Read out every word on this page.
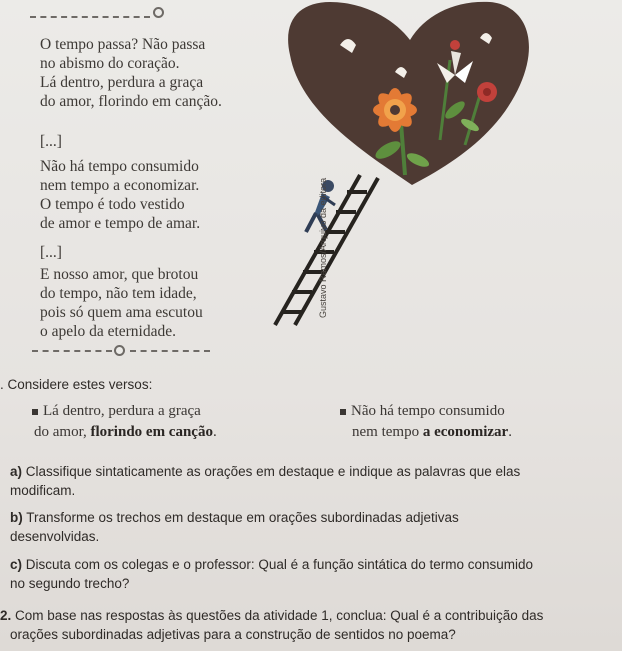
O tempo passa? Não passa
no abismo do coração.
Lá dentro, perdura a graça
do amor, florindo em canção.
[...]
Não há tempo consumido
nem tempo a economizar.
O tempo é todo vestido
de amor e tempo de amar.
[...]
E nosso amor, que brotou
do tempo, não tem idade,
pois só quem ama escutou
o apelo da eternidade.
Gustavo Ramos/Arquivo da editora
. Considere estes versos:
Lá dentro, perdura a graça
do amor, florindo em canção.
Não há tempo consumido
nem tempo a economizar.
a) Classifique sintaticamente as orações em destaque e indique as palavras que elas
modificam.
b) Transforme os trechos em destaque em orações subordinadas adjetivas
desenvolvidas.
c) Discuta com os colegas e o professor: Qual é a função sintática do termo consumido
no segundo trecho?
2. Com base nas respostas às questões da atividade 1, conclua: Qual é a contribuição das
orações subordinadas adjetivas para a construção de sentidos no poema?
